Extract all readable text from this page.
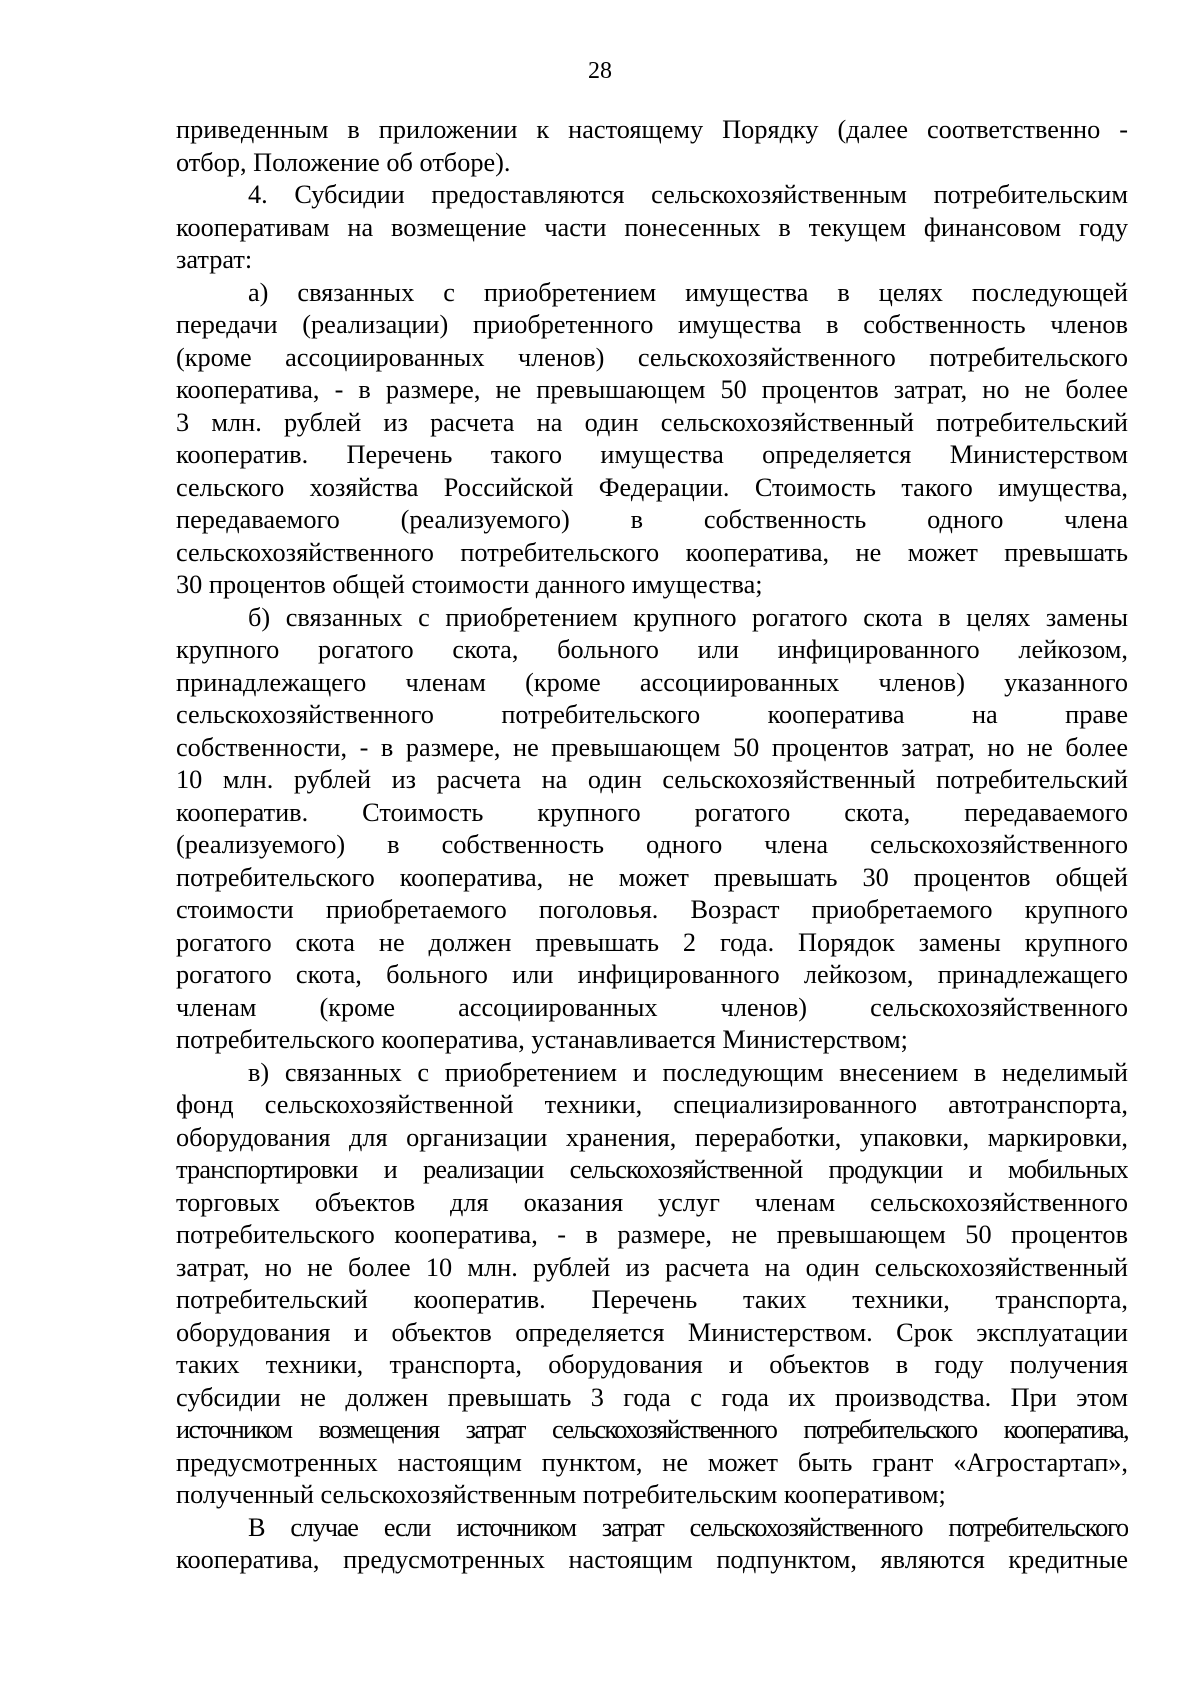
28
приведенным в приложении к настоящему Порядку (далее соответственно -
отбор, Положение об отборе).
4. Субсидии предоставляются сельскохозяйственным потребительским
кооперативам на возмещение части понесенных в текущем финансовом году
затрат:
а) связанных с приобретением имущества в целях последующей
передачи (реализации) приобретенного имущества в собственность членов
(кроме ассоциированных членов) сельскохозяйственного потребительского
кооператива, - в размере, не превышающем 50 процентов затрат, но не более
3 млн. рублей из расчета на один сельскохозяйственный потребительский
кооператив. Перечень такого имущества определяется Министерством
сельского хозяйства Российской Федерации. Стоимость такого имущества,
передаваемого (реализуемого) в собственность одного члена
сельскохозяйственного потребительского кооператива, не может превышать
30 процентов общей стоимости данного имущества;
б) связанных с приобретением крупного рогатого скота в целях замены
крупного рогатого скота, больного или инфицированного лейкозом,
принадлежащего членам (кроме ассоциированных членов) указанного
сельскохозяйственного потребительского кооператива на праве
собственности, - в размере, не превышающем 50 процентов затрат, но не более
10 млн. рублей из расчета на один сельскохозяйственный потребительский
кооператив. Стоимость крупного рогатого скота, передаваемого
(реализуемого) в собственность одного члена сельскохозяйственного
потребительского кооператива, не может превышать 30 процентов общей
стоимости приобретаемого поголовья. Возраст приобретаемого крупного
рогатого скота не должен превышать 2 года. Порядок замены крупного
рогатого скота, больного или инфицированного лейкозом, принадлежащего
членам (кроме ассоциированных членов) сельскохозяйственного
потребительского кооператива, устанавливается Министерством;
в) связанных с приобретением и последующим внесением в неделимый
фонд сельскохозяйственной техники, специализированного автотранспорта,
оборудования для организации хранения, переработки, упаковки, маркировки,
транспортировки и реализации сельскохозяйственной продукции и мобильных
торговых объектов для оказания услуг членам сельскохозяйственного
потребительского кооператива, - в размере, не превышающем 50 процентов
затрат, но не более 10 млн. рублей из расчета на один сельскохозяйственный
потребительский кооператив. Перечень таких техники, транспорта,
оборудования и объектов определяется Министерством. Срок эксплуатации
таких техники, транспорта, оборудования и объектов в году получения
субсидии не должен превышать 3 года с года их производства. При этом
источником возмещения затрат сельскохозяйственного потребительского кооператива,
предусмотренных настоящим пунктом, не может быть грант «Агростартап»,
полученный сельскохозяйственным потребительским кооперативом;
В случае если источником затрат сельскохозяйственного потребительского
кооператива, предусмотренных настоящим подпунктом, являются кредитные
